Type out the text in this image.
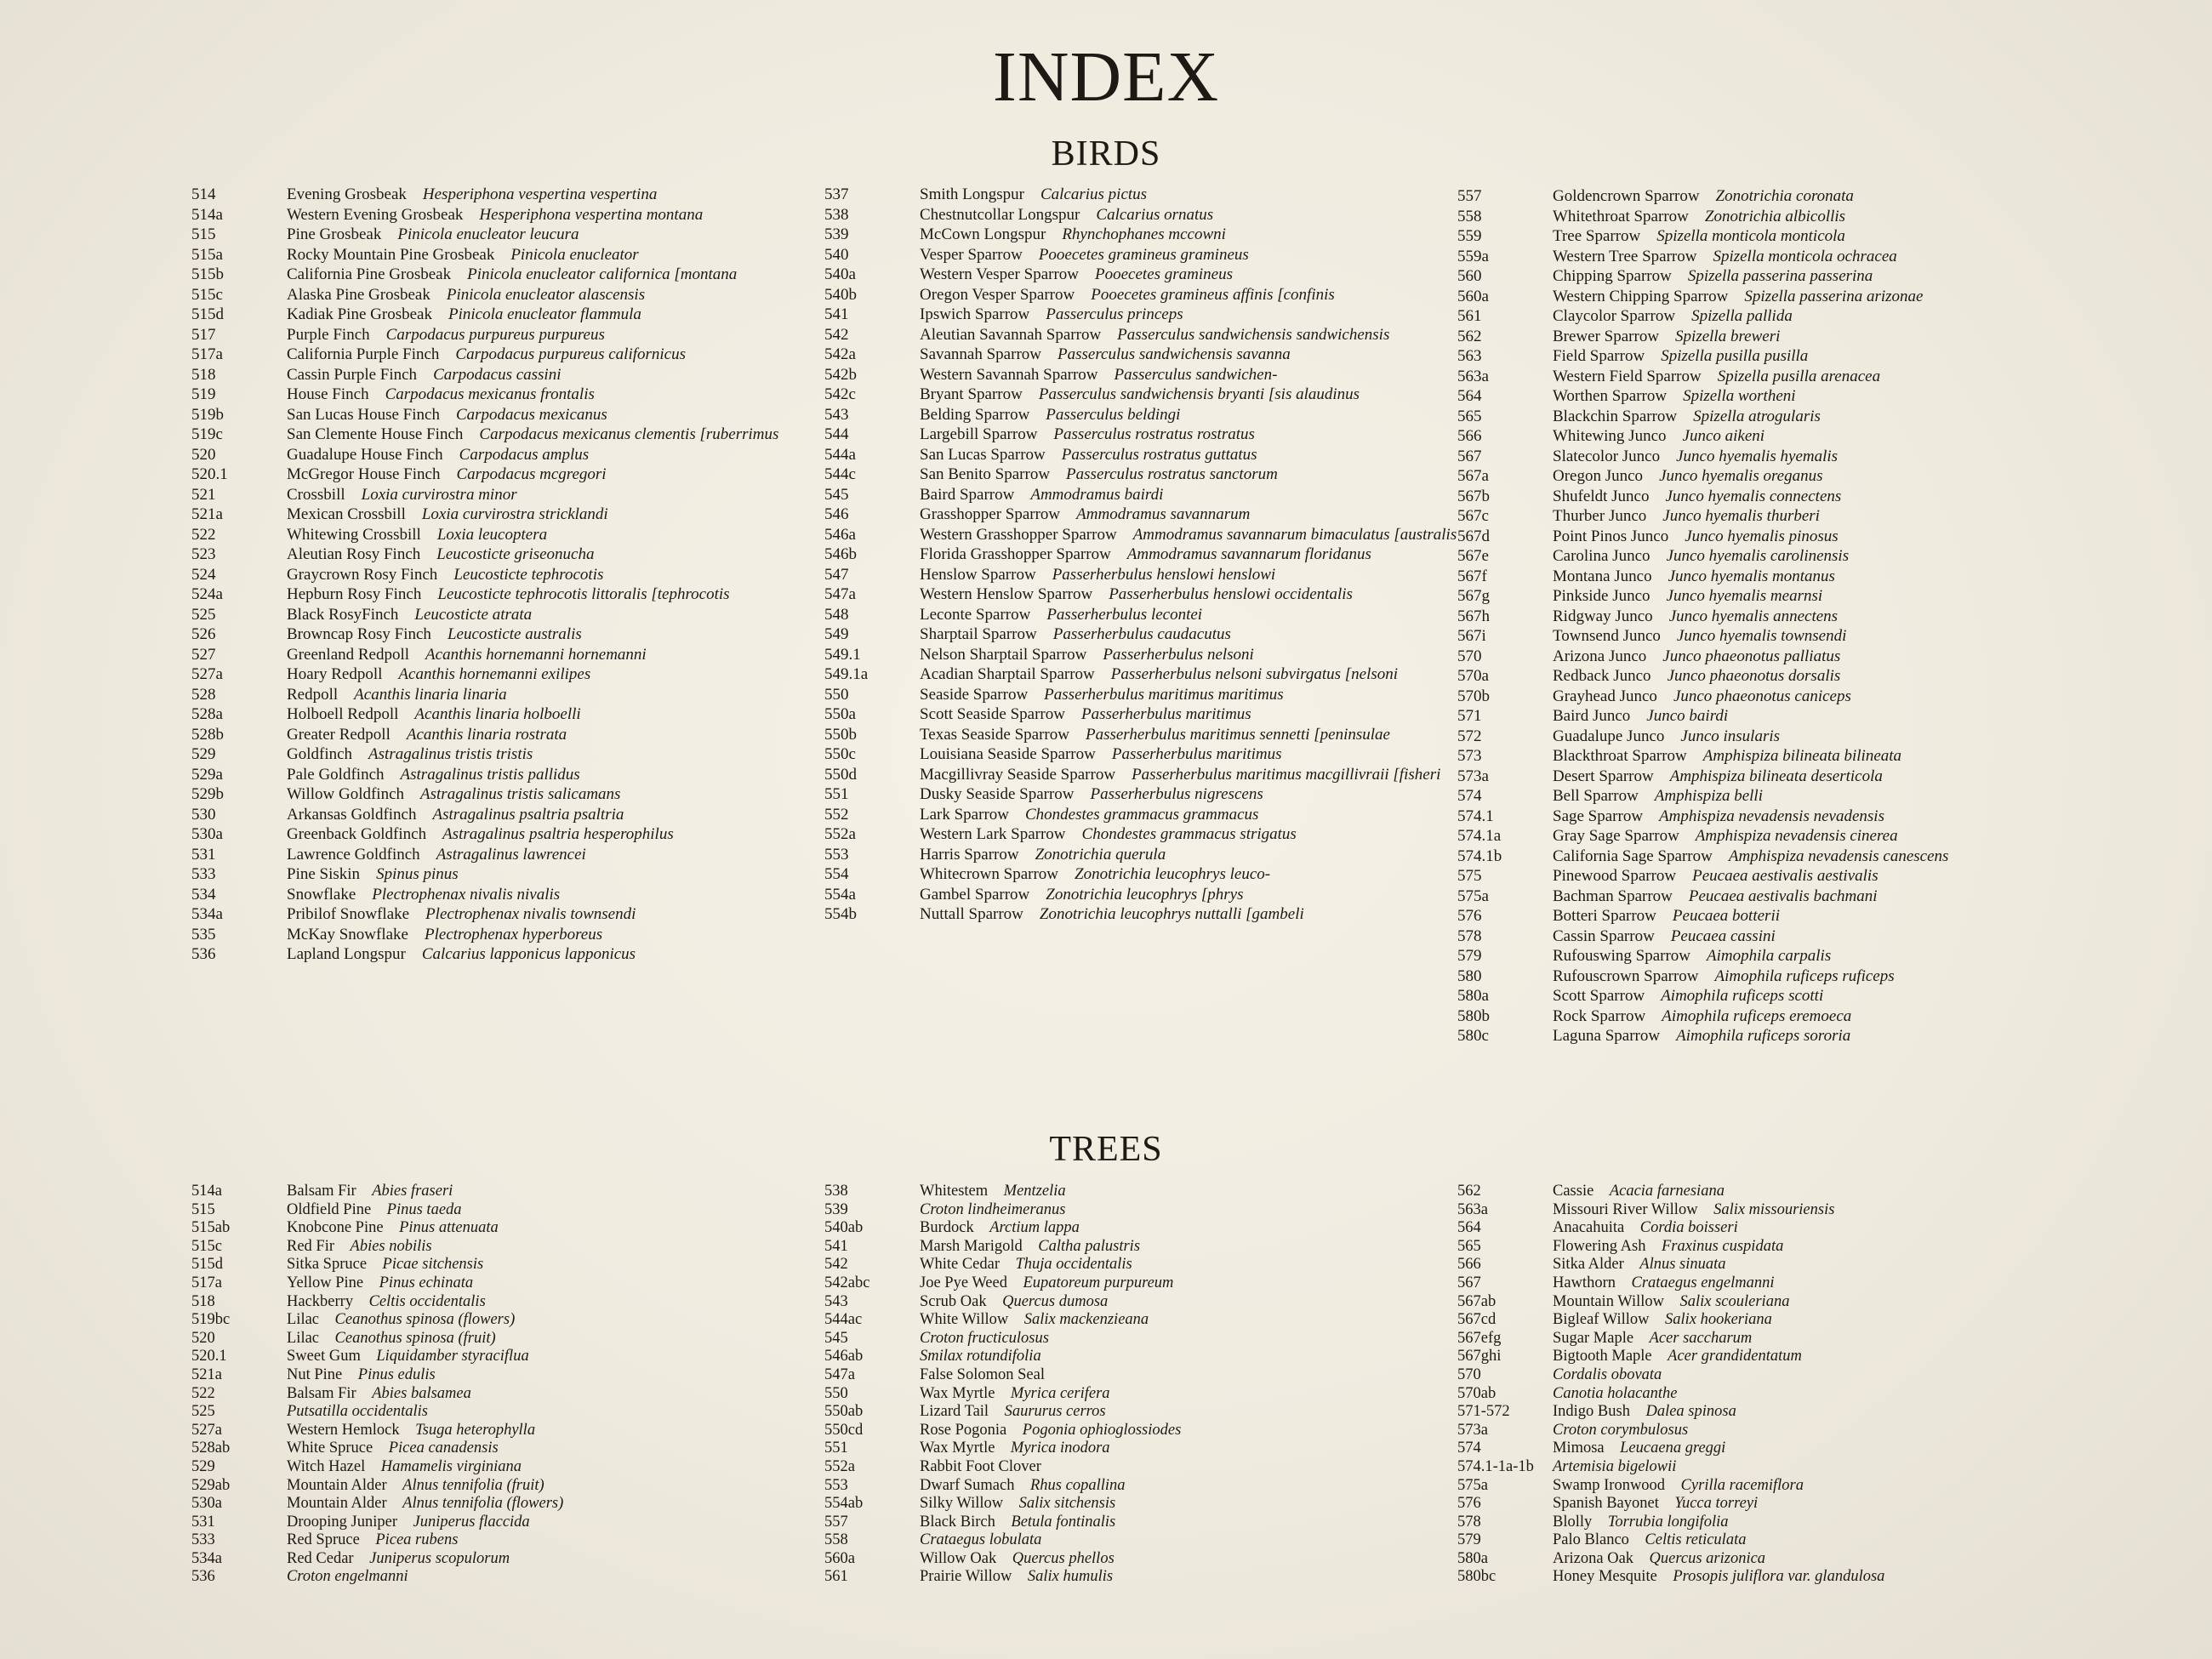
INDEX
BIRDS
514	Evening Grosbeak  Hesperiphona vespertina vespertina
514a	Western Evening Grosbeak  Hesperiphona vespertina montana
515	Pine Grosbeak  Pinicola enucleator leucura
515a	Rocky Mountain Pine Grosbeak  Pinicola enucleator
515b	California Pine Grosbeak  Pinicola enucleator californica [montana
515c	Alaska Pine Grosbeak  Pinicola enucleator alascensis
515d	Kadiak Pine Grosbeak  Pinicola enucleator flammula
517	Purple Finch  Carpodacus purpureus purpureus
517a	California Purple Finch  Carpodacus purpureus californicus
518	Cassin Purple Finch  Carpodacus cassini
519	House Finch  Carpodacus mexicanus frontalis
519b	San Lucas House Finch  Carpodacus mexicanus
519c	San Clemente House Finch  Carpodacus mexicanus clementis [ruberrimus
520	Guadalupe House Finch  Carpodacus amplus
520.1	McGregor House Finch  Carpodacus mcgregori
521	Crossbill  Loxia curvirostra minor
521a	Mexican Crossbill  Loxia curvirostra stricklandi
522	Whitewing Crossbill  Loxia leucoptera
523	Aleutian Rosy Finch  Leucosticte griseonucha
524	Graycrown Rosy Finch  Leucosticte tephrocotis
524a	Hepburn Rosy Finch  Leucosticte tephrocotis littoralis [tephrocotis
525	Black RosyFinch  Leucosticte atrata
526	Browncap Rosy Finch  Leucosticte australis
527	Greenland Redpoll  Acanthis hornemanni hornemanni
527a	Hoary Redpoll  Acanthis hornemanni exilipes
528	Redpoll  Acanthis linaria linaria
528a	Holboell Redpoll  Acanthis linaria holboelli
528b	Greater Redpoll  Acanthis linaria rostrata
529	Goldfinch  Astragalinus tristis tristis
529a	Pale Goldfinch  Astragalinus tristis pallidus
529b	Willow Goldfinch  Astragalinus tristis salicamans
530	Arkansas Goldfinch  Astragalinus psaltria psaltria
530a	Greenback Goldfinch  Astragalinus psaltria hesperophilus
531	Lawrence Goldfinch  Astragalinus lawrencei
533	Pine Siskin  Spinus pinus
534	Snowflake  Plectrophenax nivalis nivalis
534a	Pribilof Snowflake  Plectrophenax nivalis townsendi
535	McKay Snowflake  Plectrophenax hyperboreus
536	Lapland Longspur  Calcarius lapponicus lapponicus
537	Smith Longspur  Calcarius pictus
538	Chestnutcollar Longspur  Calcarius ornatus
539	McCown Longspur  Rhynchophanes mccowni
540	Vesper Sparrow  Pooecetes gramineus gramineus
540a	Western Vesper Sparrow  Pooecetes gramineus
540b	Oregon Vesper Sparrow  Pooecetes gramineus affinis [confinis
541	Ipswich Sparrow  Passerculus princeps
542	Aleutian Savannah Sparrow  Passerculus sandwichensis sandwichensis
542a	Savannah Sparrow  Passerculus sandwichensis savanna
542b	Western Savannah Sparrow  Passerculus sandwichen-
542c	Bryant Sparrow  Passerculus sandwichensis bryanti [sis alaudinus
543	Belding Sparrow  Passerculus beldingi
544	Largebill Sparrow  Passerculus rostratus rostratus
544a	San Lucas Sparrow  Passerculus rostratus guttatus
544c	San Benito Sparrow  Passerculus rostratus sanctorum
545	Baird Sparrow  Ammodramus bairdi
546	Grasshopper Sparrow  Ammodramus savannarum
546a	Western Grasshopper Sparrow  Ammodramus savannarum bimaculatus [australis
546b	Florida Grasshopper Sparrow  Ammodramus savannarum floridanus
547	Henslow Sparrow  Passerherbulus henslowi henslowi
547a	Western Henslow Sparrow  Passerherbulus henslowi occidentalis
548	Leconte Sparrow  Passerherbulus lecontei
549	Sharptail Sparrow  Passerherbulus caudacutus
549.1	Nelson Sharptail Sparrow  Passerherbulus nelsoni
549.1a	Acadian Sharptail Sparrow  Passerherbulus nelsoni subvirgatus [nelsoni
550	Seaside Sparrow  Passerherbulus maritimus maritimus
550a	Scott Seaside Sparrow  Passerherbulus maritimus
550b	Texas Seaside Sparrow  Passerherbulus maritimus sennetti [peninsulae
550c	Louisiana Seaside Sparrow  Passerherbulus maritimus
550d	Macgillivray Seaside Sparrow  Passerherbulus maritimus macgillivraii [fisheri
551	Dusky Seaside Sparrow  Passerherbulus nigrescens
552	Lark Sparrow  Chondestes grammacus grammacus
552a	Western Lark Sparrow  Chondestes grammacus strigatus
553	Harris Sparrow  Zonotrichia querula
554	Whitecrown Sparrow  Zonotrichia leucophrys leuco-
554a	Gambel Sparrow  Zonotrichia leucophrys [phrys
554b	Nuttall Sparrow  Zonotrichia leucophrys nuttalli [gambeli
557	Goldencrown Sparrow  Zonotrichia coronata
558	Whitethroat Sparrow  Zonotrichia albicollis
559	Tree Sparrow  Spizella monticola monticola
559a	Western Tree Sparrow  Spizella monticola ochracea
560	Chipping Sparrow  Spizella passerina passerina
560a	Western Chipping Sparrow  Spizella passerina arizonae
561	Claycolor Sparrow  Spizella pallida
562	Brewer Sparrow  Spizella breweri
563	Field Sparrow  Spizella pusilla pusilla
563a	Western Field Sparrow  Spizella pusilla arenacea
564	Worthen Sparrow  Spizella wortheni
565	Blackchin Sparrow  Spizella atrogularis
566	Whitewing Junco  Junco aikeni
567	Slatecolor Junco  Junco hyemalis hyemalis
567a	Oregon Junco  Junco hyemalis oreganus
567b	Shufeldt Junco  Junco hyemalis connectens
567c	Thurber Junco  Junco hyemalis thurberi
567d	Point Pinos Junco  Junco hyemalis pinosus
567e	Carolina Junco  Junco hyemalis carolinensis
567f	Montana Junco  Junco hyemalis montanus
567g	Pinkside Junco  Junco hyemalis mearnsi
567h	Ridgway Junco  Junco hyemalis annectens
567i	Townsend Junco  Junco hyemalis townsendi
570	Arizona Junco  Junco phaeonotus palliatus
570a	Redback Junco  Junco phaeonotus dorsalis
570b	Grayhead Junco  Junco phaeonotus caniceps
571	Baird Junco  Junco bairdi
572	Guadalupe Junco  Junco insularis
573	Blackthroat Sparrow  Amphispiza bilineata bilineata
573a	Desert Sparrow  Amphispiza bilineata deserticola
574	Bell Sparrow  Amphispiza belli
574.1	Sage Sparrow  Amphispiza nevadensis nevadensis
574.1a	Gray Sage Sparrow  Amphispiza nevadensis cinerea
574.1b	California Sage Sparrow  Amphispiza nevadensis canescens
575	Pinewood Sparrow  Peucaea aestivalis aestivalis
575a	Bachman Sparrow  Peucaea aestivalis bachmani
576	Botteri Sparrow  Peucaea botterii
578	Cassin Sparrow  Peucaea cassini
579	Rufouswing Sparrow  Aimophila carpalis
580	Rufouscrown Sparrow  Aimophila ruficeps ruficeps
580a	Scott Sparrow  Aimophila ruficeps scotti
580b	Rock Sparrow  Aimophila ruficeps eremoeca
580c	Laguna Sparrow  Aimophila ruficeps sororia
TREES
514a	Balsam Fir  Abies fraseri
515	Oldfield Pine  Pinus taeda
515ab	Knobcone Pine  Pinus attenuata
515c	Red Fir  Abies nobilis
515d	Sitka Spruce  Picae sitchensis
517a	Yellow Pine  Pinus echinata
518	Hackberry  Celtis occidentalis
519bc	Lilac  Ceanothus spinosa (flowers)
520	Lilac  Ceanothus spinosa (fruit)
520.1	Sweet Gum  Liquidamber styraciflua
521a	Nut Pine  Pinus edulis
522	Balsam Fir  Abies balsamea
525	Putsatilla occidentalis
527a	Western Hemlock  Tsuga heterophylla
528ab	White Spruce  Picea canadensis
529	Witch Hazel  Hamamelis virginiana
529ab	Mountain Alder  Alnus tennifolia (fruit)
530a	Mountain Alder  Alnus tennifolia (flowers)
531	Drooping Juniper  Juniperus flaccida
533	Red Spruce  Picea rubens
534a	Red Cedar  Juniperus scopulorum
536	Croton engelmanni
538	Whitestem  Mentzelia
539	Croton lindheimeranus
540ab	Burdock  Arctium lappa
541	Marsh Marigold  Caltha palustris
542	White Cedar  Thuja occidentalis
542abc	Joe Pye Weed  Eupatoreum purpureum
543	Scrub Oak  Quercus dumosa
544ac	White Willow  Salix mackenzieana
545	Croton fructiculosus
546ab	Smilax rotundifolia
547a	False Solomon Seal
550	Wax Myrtle  Myrica cerifera
550ab	Lizard Tail  Saururus cerros
550cd	Rose Pogonia  Pogonia ophioglossiodes
551	Wax Myrtle  Myrica inodora
552a	Rabbit Foot Clover
553	Dwarf Sumach  Rhus copallina
554ab	Silky Willow  Salix sitchensis
557	Black Birch  Betula fontinalis
558	Crataegus lobulata
560a	Willow Oak  Quercus phellos
561	Prairie Willow  Salix humulis
562	Cassie  Acacia farnesiana
563a	Missouri River Willow  Salix missouriensis
564	Anacahuita  Cordia boisseri
565	Flowering Ash  Fraxinus cuspidata
566	Sitka Alder  Alnus sinuata
567	Hawthorn  Crataegus engelmanni
567ab	Mountain Willow  Salix scouleriana
567cd	Bigleaf Willow  Salix hookeriana
567efg	Sugar Maple  Acer saccharum
567ghi	Bigtooth Maple  Acer grandidentatum
570	Cordalis obovata
570ab	Canotia holacanthe
571-572	Indigo Bush  Dalea spinosa
573a	Croton corymbulosus
574	Mimosa  Leucaena greggi
574.1-1a-1b	Artemisia bigelowii
575a	Swamp Ironwood  Cyrilla racemiflora
576	Spanish Bayonet  Yucca torreyi
578	Blolly  Torrubia longifolia
579	Palo Blanco  Celtis reticulata
580a	Arizona Oak  Quercus arizonica
580bc	Honey Mesquite  Prosopis juliflora var. glandulosa
